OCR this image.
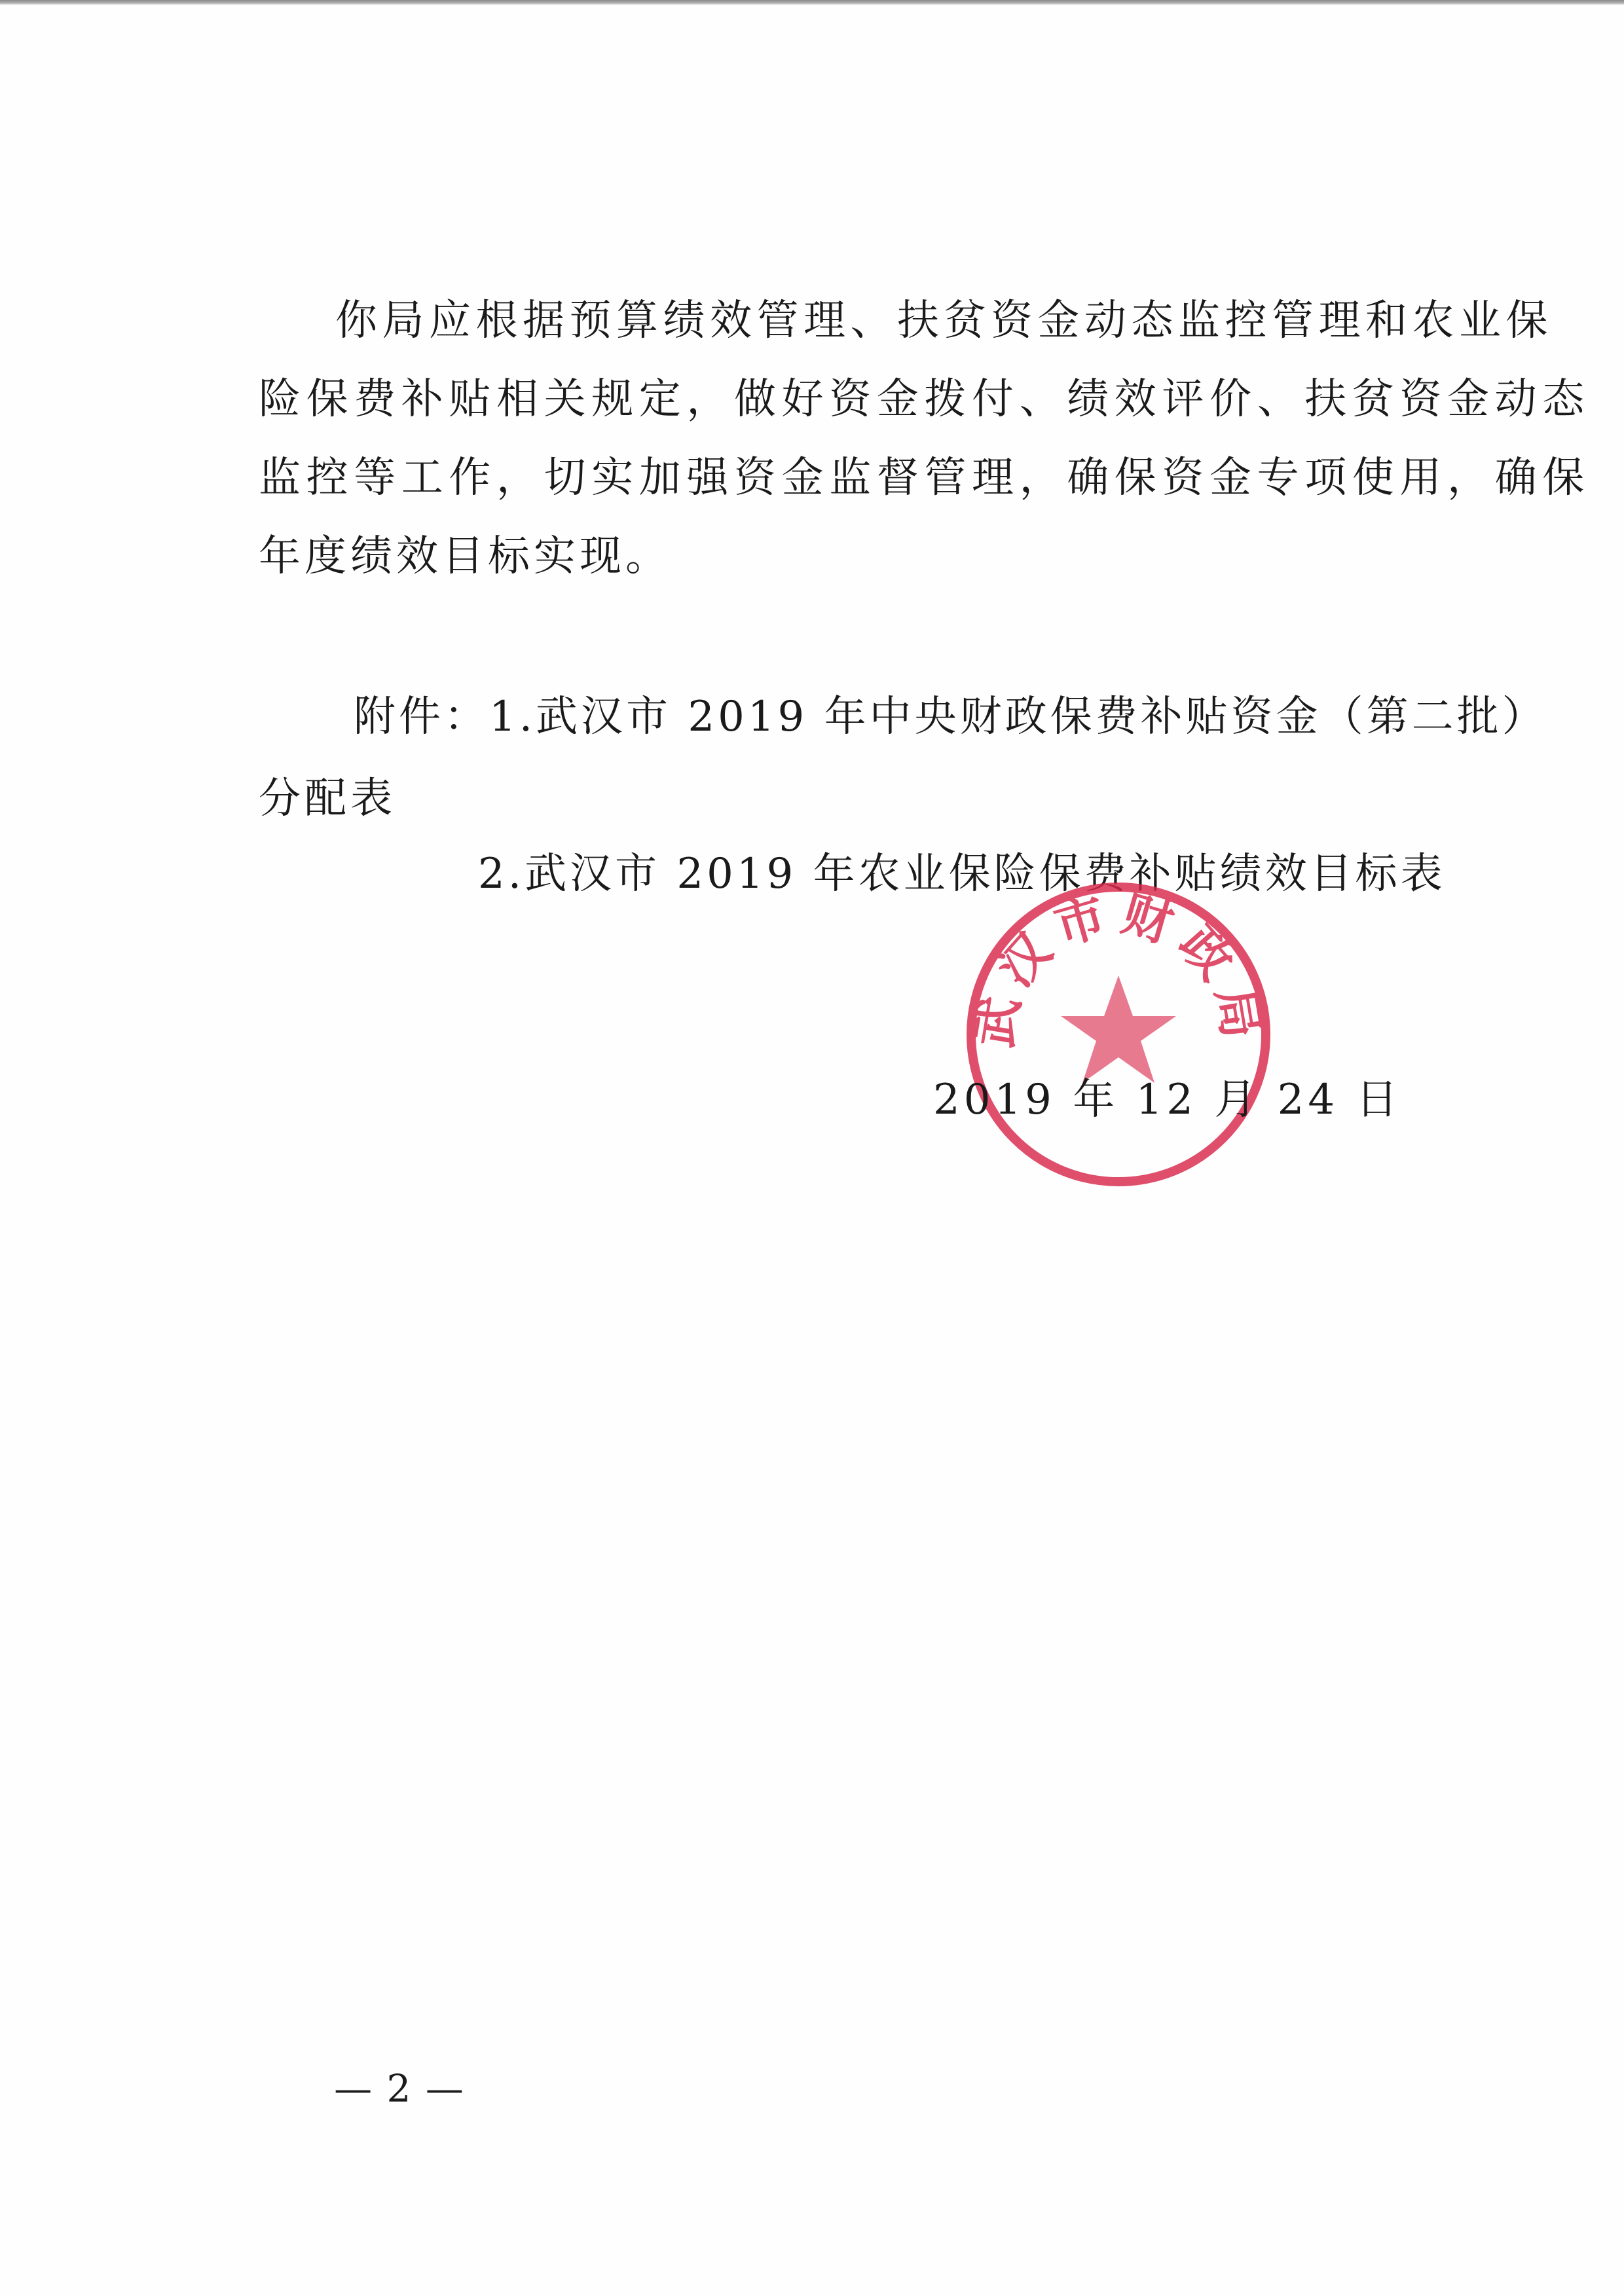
你局应根据预算绩效管理、扶贫资金动态监控管理和农业保
险保费补贴相关规定，做好资金拨付、绩效评价、扶贫资金动态
监控等工作，切实加强资金监督管理，确保资金专项使用，确保
年度绩效目标实现。
附件：1.武汉市 2019 年中央财政保费补贴资金（第二批）
分配表
2.武汉市 2019 年农业保险保费补贴绩效目标表
武汉市财政局
2019 年 12 月 24 日
— 2 —
